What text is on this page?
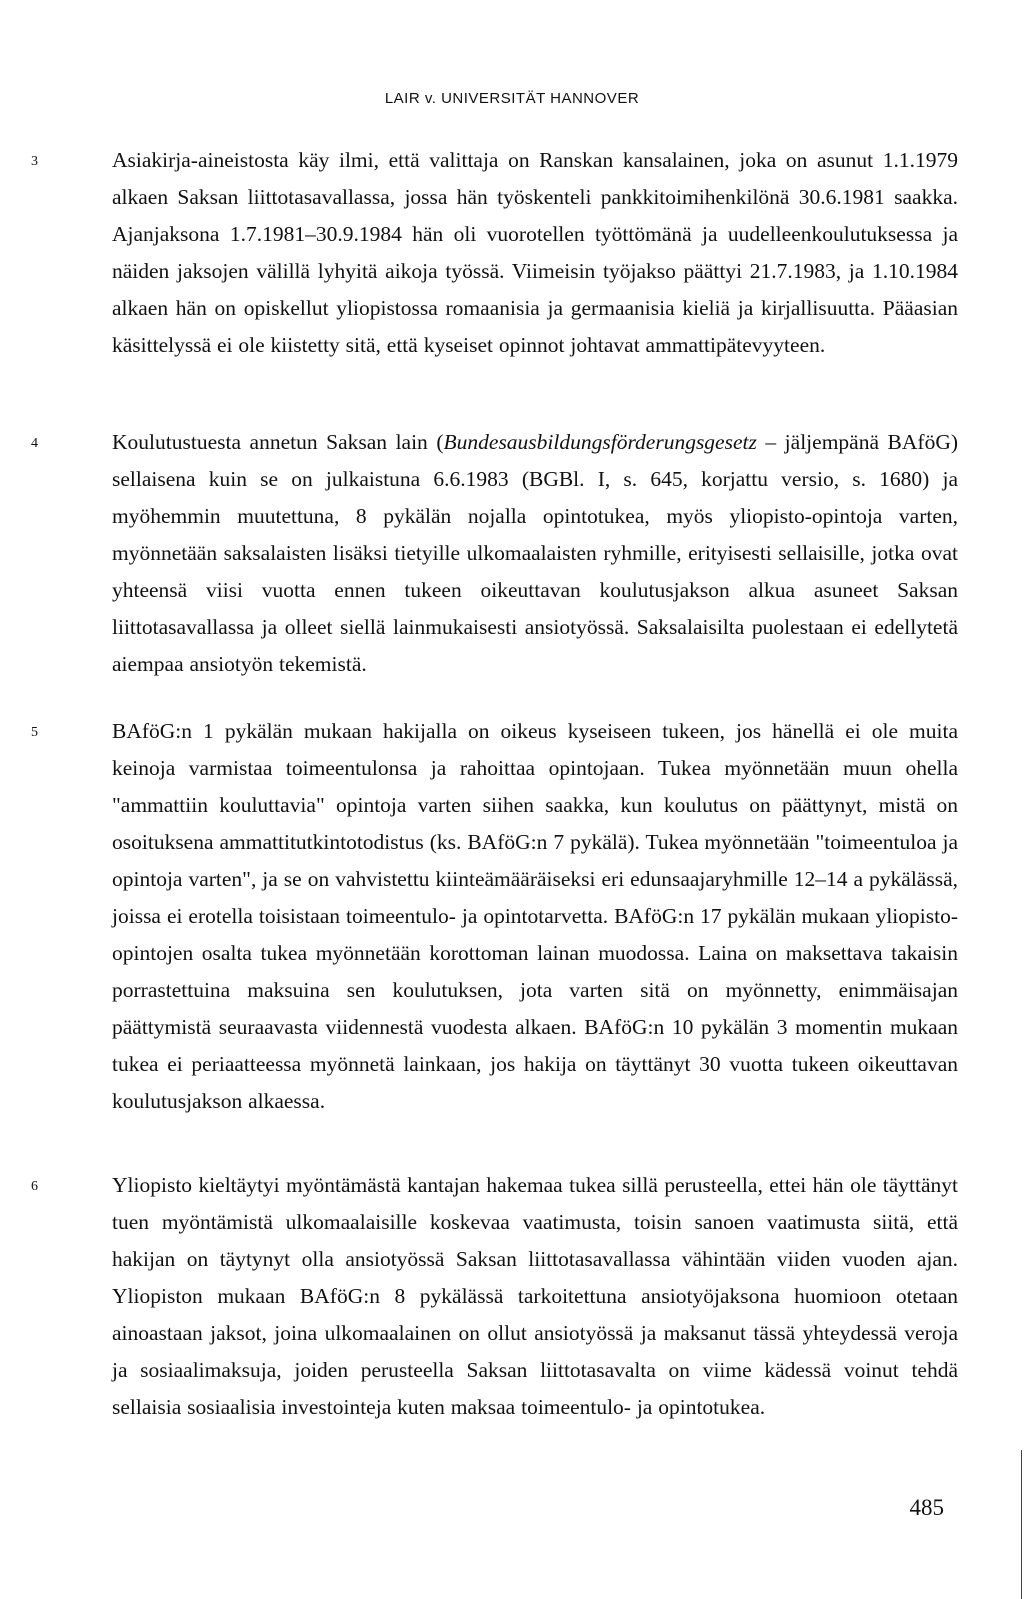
LAIR v. UNIVERSITÄT HANNOVER
3	Asiakirja-aineistosta käy ilmi, että valittaja on Ranskan kansalainen, joka on asunut 1.1.1979 alkaen Saksan liittotasavallassa, jossa hän työskenteli pankkitoimihenkilönä 30.6.1981 saakka. Ajanjaksona 1.7.1981–30.9.1984 hän oli vuorotellen työttömänä ja uudelleenkoulutuksessa ja näiden jaksojen välillä lyhyitä aikoja työssä. Viimeisin työjakso päättyi 21.7.1983, ja 1.10.1984 alkaen hän on opiskellut yliopistossa romaanisia ja germaanisia kieliä ja kirjallisuutta. Pääasian käsittelyssä ei ole kiistetty sitä, että kyseiset opinnot johtavat ammattipätevyyteen.

4	Koulutustuesta annetun Saksan lain (Bundesausbildungsförderungsgesetz – jäljempänä BAföG) sellaisena kuin se on julkaistuna 6.6.1983 (BGBl. I, s. 645, korjattu versio, s. 1680) ja myöhemmin muutettuna, 8 pykälän nojalla opintotukea, myös yliopisto-opintoja varten, myönnetään saksalaisten lisäksi tietyille ulkomaalaisten ryhmille, erityisesti sellaisille, jotka ovat yhteensä viisi vuotta ennen tukeen oikeuttavan koulutusjakson alkua asuneet Saksan liittotasavallassa ja olleet siellä lainmukaisesti ansiotyössä. Saksalaisilta puolestaan ei edellytetä aiempaa ansiotyön tekemistä.

5	BAföG:n 1 pykälän mukaan hakijalla on oikeus kyseiseen tukeen, jos hänellä ei ole muita keinoja varmistaa toimeentulonsa ja rahoittaa opintojaan. Tukea myönnetään muun ohella "ammattiin kouluttavia" opintoja varten siihen saakka, kun koulutus on päättynyt, mistä on osoituksena ammattitutkintotodistus (ks. BAföG:n 7 pykälä). Tukea myönnetään "toimeentuloa ja opintoja varten", ja se on vahvistettu kiinteämääräiseksi eri edunsaajaryhmille 12–14 a pykälässä, joissa ei erotella toisistaan toimeentulo- ja opintotarvetta. BAföG:n 17 pykälän mukaan yliopisto-opintojen osalta tukea myönnetään korottoman lainan muodossa. Laina on maksettava takaisin porrastettuina maksuina sen koulutuksen, jota varten sitä on myönnetty, enimmäisajan päättymistä seuraavasta viidennestä vuodesta alkaen. BAföG:n 10 pykälän 3 momentin mukaan tukea ei periaatteessa myönnetä lainkaan, jos hakija on täyttänyt 30 vuotta tukeen oikeuttavan koulutusjakson alkaessa.

6	Yliopisto kieltäytyi myöntämästä kantajan hakemaa tukea sillä perusteella, ettei hän ole täyttänyt tuen myöntämistä ulkomaalaisille koskevaa vaatimusta, toisin sanoen vaatimusta siitä, että hakijan on täytynyt olla ansiotyössä Saksan liittotasavallassa vähintään viiden vuoden ajan. Yliopiston mukaan BAföG:n 8 pykälässä tarkoitettuna ansiotyöjaksona huomioon otetaan ainoastaan jaksot, joina ulkomaalainen on ollut ansiotyössä ja maksanut tässä yhteydessä veroja ja sosiaalimaksuja, joiden perusteella Saksan liittotasavalta on viime kädessä voinut tehdä sellaisia sosiaalisia investointeja kuten maksaa toimeentulo- ja opintotukea.

485
